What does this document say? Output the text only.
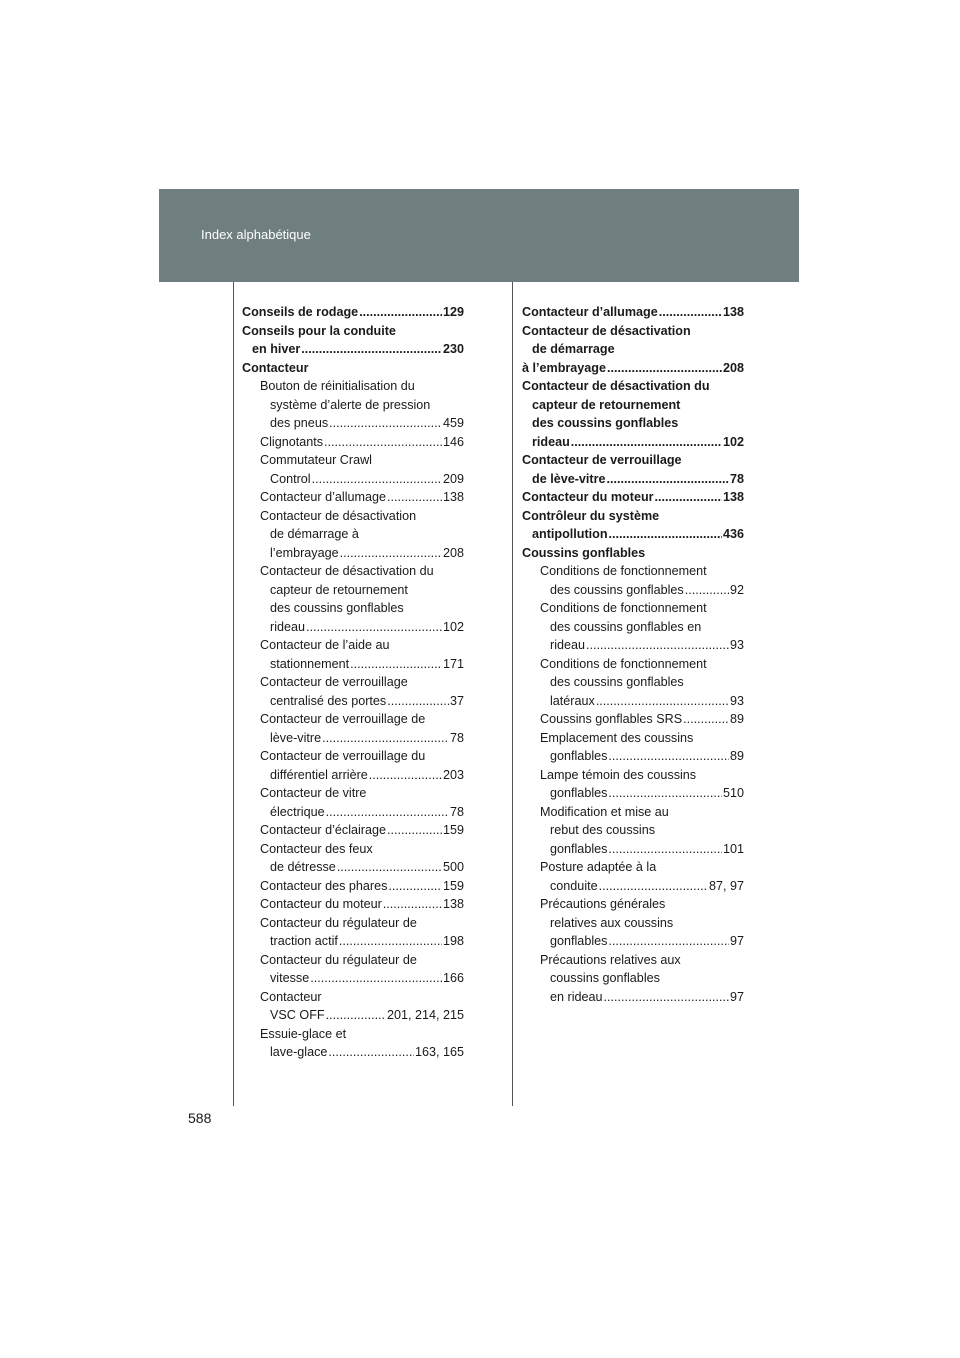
Index alphabétique
Conseils de rodage .....	129
Conseils pour la conduite
en hiver .....	230
Contacteur
Bouton de réinitialisation du
système d’alerte de pression
des pneus .....	459
Clignotants .....	146
Commutateur Crawl
Control .....	209
Contacteur d’allumage .....	138
Contacteur de désactivation
de démarrage à
l’embrayage .....	208
Contacteur de désactivation du
capteur de retournement
des coussins gonflables
rideau .....	102
Contacteur de l’aide au
stationnement .....	171
Contacteur de verrouillage
centralisé des portes .....	37
Contacteur de verrouillage de
lève-vitre .....	78
Contacteur de verrouillage du
différentiel arrière .....	203
Contacteur de vitre
électrique .....	78
Contacteur d’éclairage .....	159
Contacteur des feux
de détresse .....	500
Contacteur des phares .....	159
Contacteur du moteur .....	138
Contacteur du régulateur de
traction actif .....	198
Contacteur du régulateur de
vitesse .....	166
Contacteur
VSC OFF .....	201, 214, 215
Essuie-glace et
lave-glace .....	163, 165
Contacteur d’allumage .....	138
Contacteur de désactivation
de démarrage
à l’embrayage .....	208
Contacteur de désactivation du
capteur de retournement
des coussins gonflables
rideau .....	102
Contacteur de verrouillage
de lève-vitre .....	78
Contacteur du moteur .....	138
Contrôleur du système
antipollution .....	436
Coussins gonflables
Conditions de fonctionnement
des coussins gonflables .....	92
Conditions de fonctionnement
des coussins gonflables en
rideau .....	93
Conditions de fonctionnement
des coussins gonflables
latéraux .....	93
Coussins gonflables SRS .....	89
Emplacement des coussins
gonflables .....	89
Lampe témoin des coussins
gonflables .....	510
Modification et mise au
rebut des coussins
gonflables .....	101
Posture adaptée à la
conduite .....	87, 97
Précautions générales
relatives aux coussins
gonflables .....	97
Précautions relatives aux
coussins gonflables
en rideau .....	97
588
